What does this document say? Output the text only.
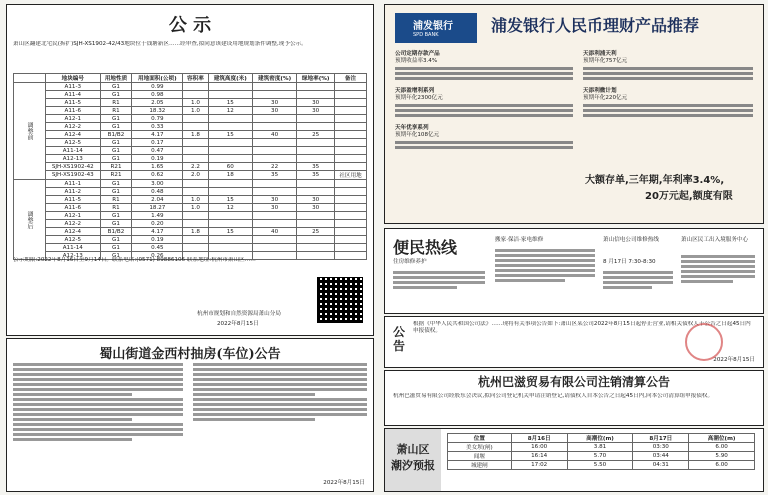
公 示
萧山区翻建北宅民(拆扩)SJH-XS1902-42/43地块位于钱塘新区……经审查,拟同意该建设用地规划条件调整,现予公示。
	地块编号	用地性质	用地面积(公顷)	容积率	建筑高度(米)	建筑密度(%)	绿地率(%)	备注
调整前	A11-3	G1	0.99					
	A11-4	G1	0.98					
	A11-5	R1	2.05	1.0	15	30	30	
	A11-6	R1	18.32	1.0	12	30	30	
	A12-1	G1	0.79					
	A12-2	G1	0.33					
	A12-4	B1/B2	4.17	1.8	15	40	25	
	A12-5	G1	0.17					
	A11-14	G1	0.47					
	A12-13	G1	0.19					
	SJH-XS1902-42	R21	1.65	2.2	60	22	35	
	SJH-XS1902-43	R21	0.62	2.0	18	35	35	社区用地
调整后	A11-1	G1	3.00					
	A11-2	G1	0.48					
	A11-5	R1	2.04	1.0	15	30	30	
	A11-6	R1	18.27	1.0	12	30	30	
	A12-1	G1	1.49					
	A12-2	G1	0.20					
	A12-4	B1/B2	4.17	1.8	15	40	25	
	A12-5	G1	0.19					
	A11-14	G1	0.45					
	A12-13	G1	0.26					
公示期限:2022年8月16日至9月14日。联系电话:(0571) 89886106 联系地址:杭州市萧山区……
杭州市规划和自然资源局萧山分局
2022年8月15日
蜀山街道金西村抽房(车位)公告
2022年8月15日
浦发银行
SPD BANK	浦发银行人民币理财产品推荐
公司定期存款产品
预期收益率3.4%
天添盈增利系列
预期年化2300亿元
天年优享系列
预期年化108亿元
天添利浦天利
预期年化757亿元
天添利微计划
预期年化220亿元
大额存单,三年期,年利率3.4%,
20万元起,额度有限
便民热线
住房维修养护
搬家·保洁·家电维修	萧山信电公司维修热线
8 月17日 7:30-8:30
萧山区民工出入境服务中心
公告
根据《中华人民共和国公司法》……现将有关事项公告如下:萧山区某公司2022年8月15日起停止营业,请相关债权人于公告之日起45日内申报债权。
2022年8月15日
杭州巴滋贸易有限公司注销清算公告
杭州巴滋贸易有限公司经股东会决议,拟向公司登记机关申请注销登记,请债权人自本公告之日起45日内,向本公司清算组申报债权。
萧山区
潮汐预报
位置	8月16日	高潮位(m)	8月17日	高潮位(m)
美女坝(闸)	16:00	3.81	03:30	6.00
闻堰	16:14	5.70	03:44	5.90
城建闸	17:02	5.50	04:31	6.00
